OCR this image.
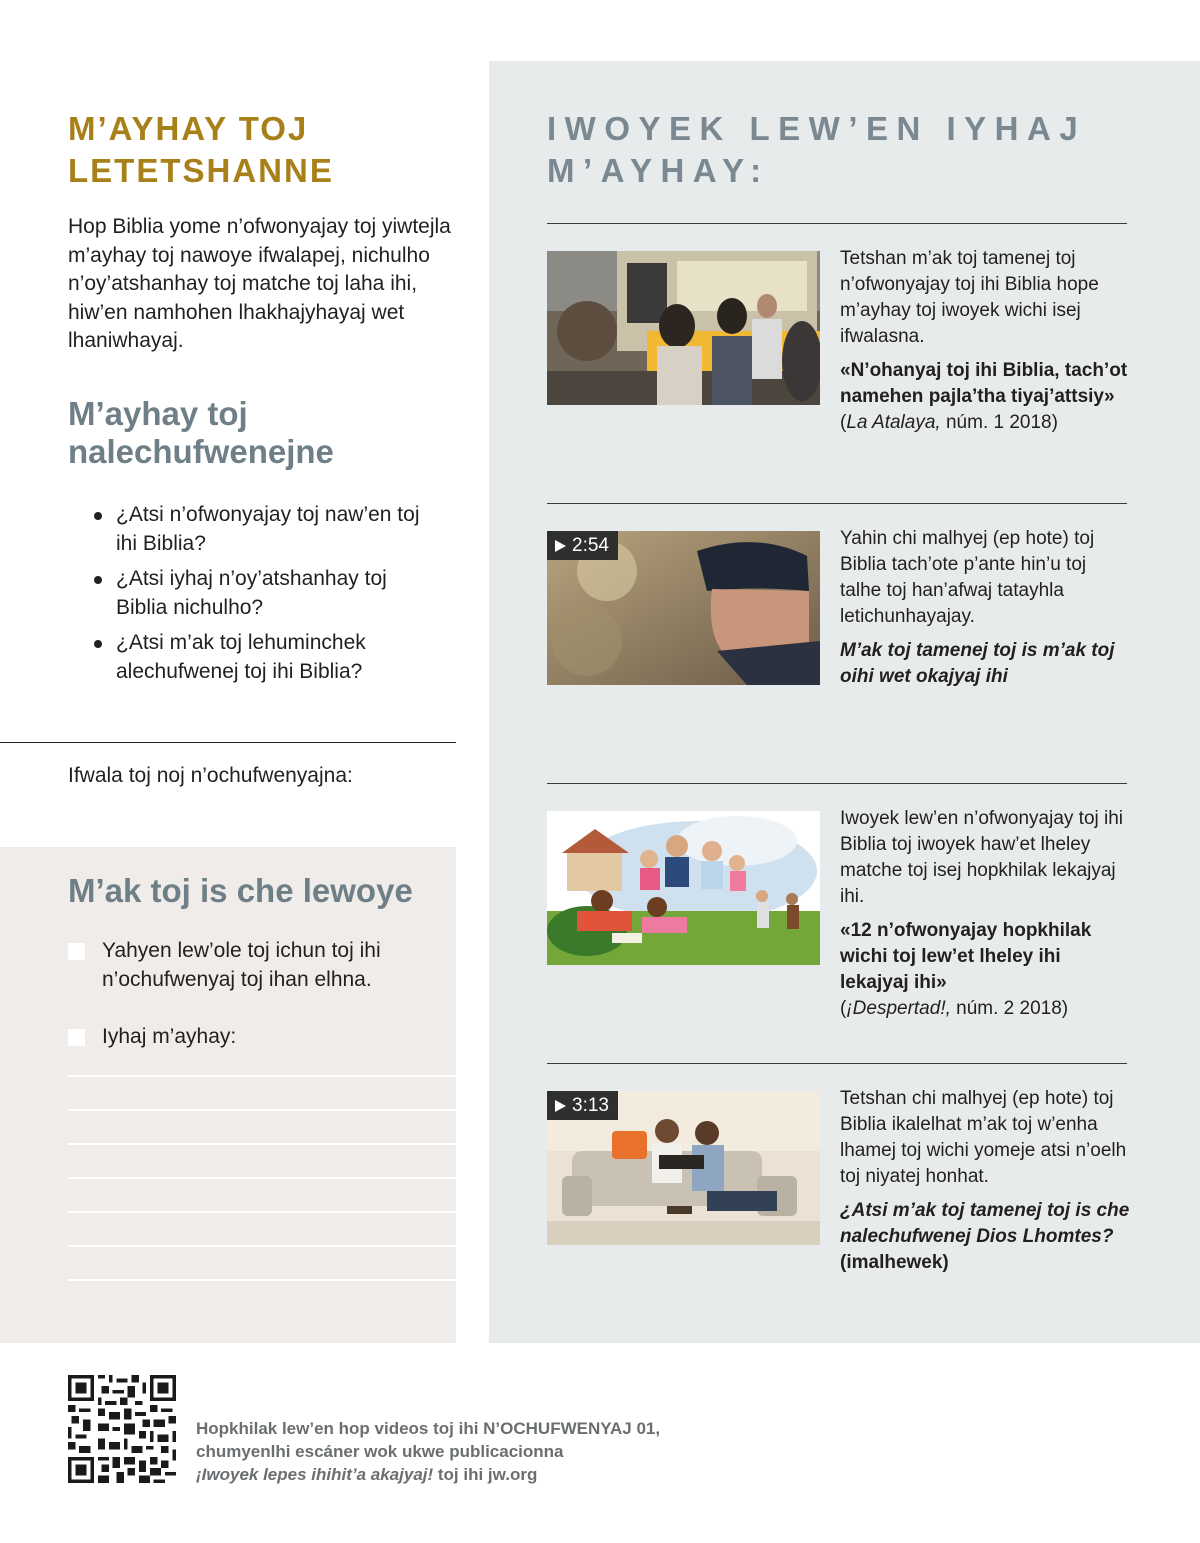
M’AYHAY TOJ LETETSHANNE

Hop Biblia yome n’ofwonyajay toj yiwtejla m’ayhay toj nawoye ifwalapej, nichulho n’oy’atshanhay toj matche toj laha ihi, hiw’en namhohen lhakhajyhayaj wet lhaniwhayaj.

M’ayhay toj nalechufwenejne
¿Atsi n’ofwonyajay toj naw’en toj ihi Biblia?
¿Atsi iyhaj n’oy’atshanhay toj Biblia nichulho?
¿Atsi m’ak toj lehuminchek alechufwenej toj ihi Biblia?

Ifwala toj noj n’ochufwenyajna:

M’ak toj is che lewoye
Yahyen lew’ole toj ichun toj ihi n’ochufwenyaj toj ihan elhna.
Iyhaj m’ayhay:
IWOYEK LEW’EN IYHAJ M’AYHAY:

Tetshan m’ak toj tamenej toj n’ofwonyajay toj ihi Biblia hope m’ayhay toj iwoyek wichi isej ifwalasna.

«N’ohanyaj toj ihi Biblia, tach’ot namehen pajla’tha tiyaj’attsiy»

(La Atalaya, núm. 1 2018)

2:54	Yahin chi malhyej (ep hote) toj Biblia tach’ote p’ante hin’u toj talhe toj han’afwaj tatayhla letichunhayajay.

M’ak toj tamenej toj is m’ak toj oihi wet okajyaj ihi

Iwoyek lew’en n’ofwonyajay toj ihi Biblia toj iwoyek haw’et lheley matche toj isej hopkhilak lekajyaj ihi.

«12 n’ofwonyajay hopkhilak wichi toj lew’et lheley ihi lekajyaj ihi»

(¡Despertad!, núm. 2 2018)

3:13	Tetshan chi malhyej (ep hote) toj Biblia ikalelhat m’ak toj w’enha lhamej toj wichi yomeje atsi n’oelh toj niyatej honhat.

¿Atsi m’ak toj tamenej toj is che nalechufwenej Dios Lhomtes? (imalhewek)

Hopkhilak lew’en hop videos toj ihi N’OCHUFWENYAJ 01,
chumyenlhi escáner wok ukwe publicacionna
¡Iwoyek lepes ihihit’a akajyaj! toj ihi jw.org
